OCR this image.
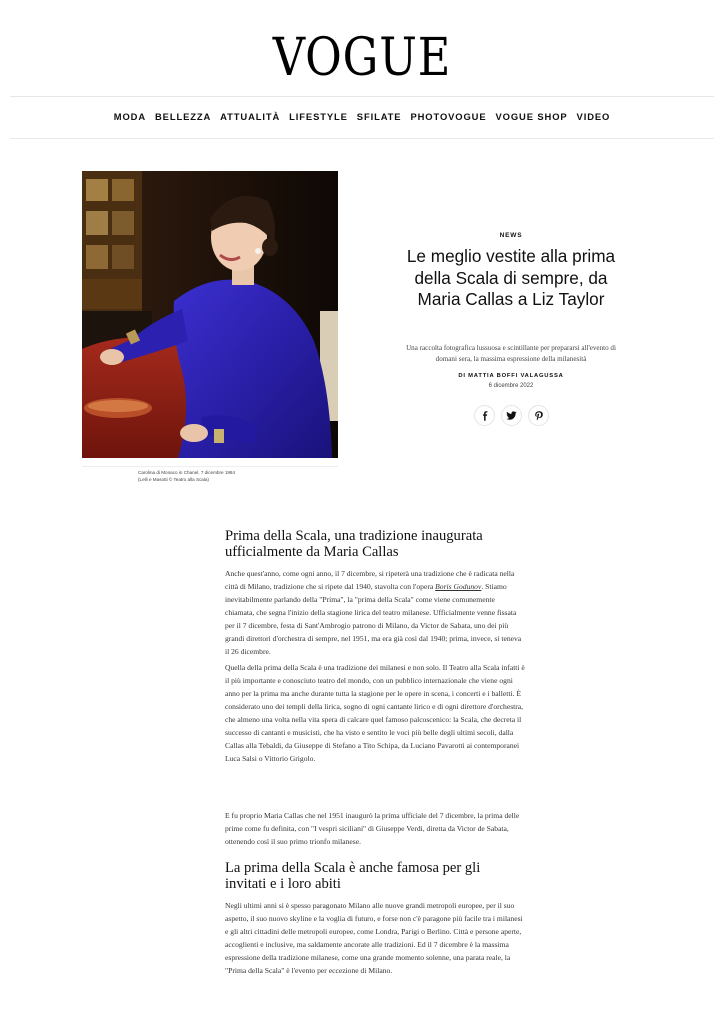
VOGUE
MODA BELLEZZA ATTUALITÀ LIFESTYLE SFILATE PHOTOVOGUE VOGUE SHOP VIDEO
Carolina di Monaco in Chanel, 7 dicembre 1984
(Lelli e Masotti © Teatro alla Scala)
NEWS
Le meglio vestite alla prima della Scala di sempre, da Maria Callas a Liz Taylor

Una raccolta fotografica lussuosa e scintillante per prepararsi all'evento di domani sera, la massima espressione della milanesità

DI MATTIA BOFFI VALAGUSSA
6 dicembre 2022
Prima della Scala, una tradizione inaugurata ufficialmente da Maria Callas

Anche quest'anno, come ogni anno, il 7 dicembre, si ripeterà una tradizione che è radicata nella città di Milano, tradizione che si ripete dal 1940, stavolta con l'opera Boris Godunov. Stiamo inevitabilmente parlando della "Prima", la "prima della Scala" come viene comunemente chiamata, che segna l'inizio della stagione lirica del teatro milanese. Ufficialmente venne fissata per il 7 dicembre, festa di Sant'Ambrogio patrono di Milano, da Victor de Sabata, uno dei più grandi direttori d'orchestra di sempre, nel 1951, ma era già così dal 1940; prima, invece, si teneva il 26 dicembre.

Quella della prima della Scala è una tradizione dei milanesi e non solo. Il Teatro alla Scala infatti è il più importante e conosciuto teatro del mondo, con un pubblico internazionale che viene ogni anno per la prima ma anche durante tutta la stagione per le opere in scena, i concerti e i balletti. È considerato uno dei templi della lirica, sogno di ogni cantante lirico e di ogni direttore d'orchestra, che almeno una volta nella vita spera di calcare quel famoso palcoscenico: la Scala, che decretа il successo di cantanti e musicisti, che ha visto e sentito le voci più belle degli ultimi secoli, dalla Callas alla Tebaldi, da Giuseppe di Stefano a Tito Schipa, da Luciano Pavarotti ai contemporanei Luca Salsi o Vittorio Grigolo.

E fu proprio Maria Callas che nel 1951 inaugurò la prima ufficiale del 7 dicembre, la prima delle prime come fu definita, con "I vespri siciliani" di Giuseppe Verdi, diretta da Victor de Sabata, ottenendo così il suo primo trionfo milanese.

La prima della Scala è anche famosa per gli invitati e i loro abiti

Negli ultimi anni si è spesso paragonato Milano alle nuove grandi metropoli europee, per il suo aspetto, il suo nuovo skyline e la voglia di futuro, e forse non c'è paragone più facile tra i milanesi e gli altri cittadini delle metropoli europee, come Londra, Parigi o Berlino. Città e persone aperte, accoglienti e inclusive, ma saldamente ancorate alle tradizioni. Ed il 7 dicembre è la massima espressione della tradizione milanese, come una grande momento solenne, una parata reale, la "Prima della Scala" è l'evento per eccezione di Milano.
